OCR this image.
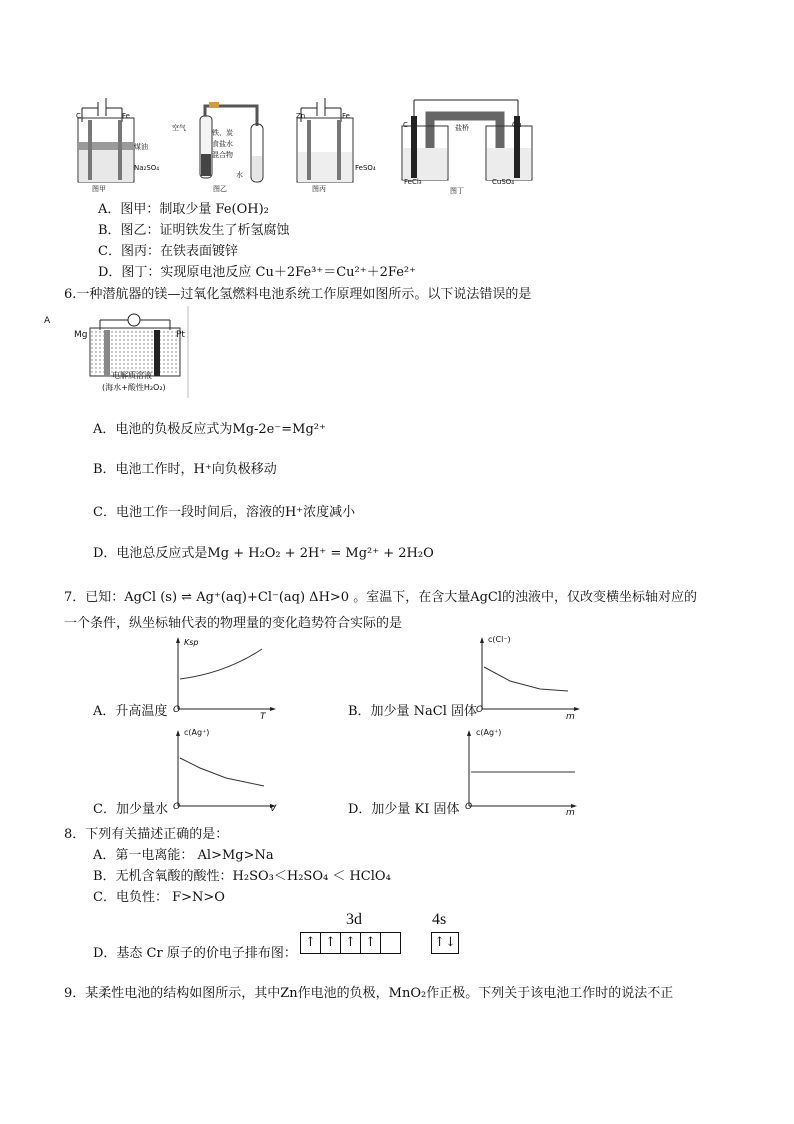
C	Fe
煤油
Na₂SO₄
图甲
空气
铁、炭
食盐水
混合物
水
图乙
Zn	Fe
FeSO₄
图丙
C	Cu
盐桥
FeCl₃	CuSO₄
图丁
A．图甲：制取少量 Fe(OH)₂
B．图乙：证明铁发生了析氢腐蚀
C．图丙：在铁表面镀锌
D．图丁：实现原电池反应 Cu＋2Fe³⁺＝Cu²⁺＋2Fe²⁺
6.一种潜航器的镁—过氧化氢燃料电池系统工作原理如图所示。以下说法错误的是
A
Mg	Pt
电解质溶液
(海水+酸性H₂O₂)
A．电池的负极反应式为Mg-2e⁻=Mg²⁺
B．电池工作时，H⁺向负极移动
C．电池工作一段时间后，溶液的H⁺浓度减小
D．电池总反应式是Mg + H₂O₂ + 2H⁺ = Mg²⁺ + 2H₂O
7．已知：AgCl (s) ⇌ Ag⁺(aq)+Cl⁻(aq) ΔH>0 。室温下，在含大量AgCl的浊液中，仅改变横坐标轴对应的
一个条件，纵坐标轴代表的物理量的变化趋势符合实际的是
Ksp
O
T
c(Cl⁻)
O
m
A．升高温度	B．加少量 NaCl 固体
c(Ag⁺)
O	V
c(Ag⁺)
O
m
C．加少量水	D．加少量 KI 固体
8．下列有关描述正确的是：
A．第一电离能： Al>Mg>Na
B．无机含氧酸的酸性：H₂SO₃＜H₂SO₄ ＜ HClO₄
C．电负性： F>N>O
D．基态 Cr 原子的价电子排布图：
3d	4s
↑ ↑ ↑ ↑	↑↓
9．某柔性电池的结构如图所示，其中Zn作电池的负极，MnO₂作正极。下列关于该电池工作时的说法不正
